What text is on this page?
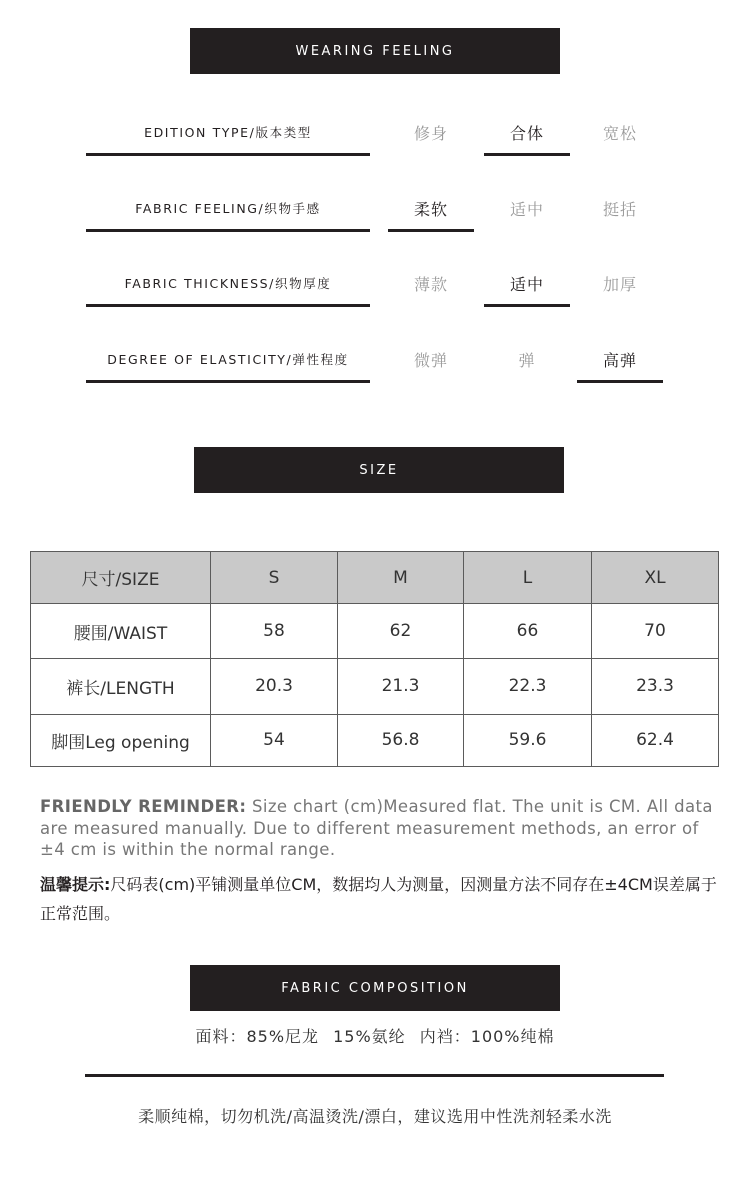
WEARING FEELING
EDITION TYPE/版本类型	修身	合体	宽松
FABRIC FEELING/织物手感	柔软	适中	挺括
FABRIC THICKNESS/织物厚度	薄款	适中	加厚
DEGREE OF ELASTICITY/弹性程度	微弹	弹	高弹
SIZE
尺寸/SIZE	S	M	L	XL
腰围/WAIST	58	62	66	70
裤长/LENGTH	20.3	21.3	22.3	23.3
脚围Leg opening	54	56.8	59.6	62.4
FRIENDLY REMINDER: Size chart (cm)Measured flat. The unit is CM. All data are measured manually. Due to different measurement methods, an error of ±4 cm is within the normal range.
温馨提示:尺码表(cm)平铺测量单位CM，数据均人为测量，因测量方法不同存在±4CM误差属于正常范围。
FABRIC COMPOSITION
面料：85%尼龙 15%氨纶 内裆：100%纯棉
柔顺纯棉，切勿机洗/高温烫洗/漂白，建议选用中性洗剂轻柔水洗
